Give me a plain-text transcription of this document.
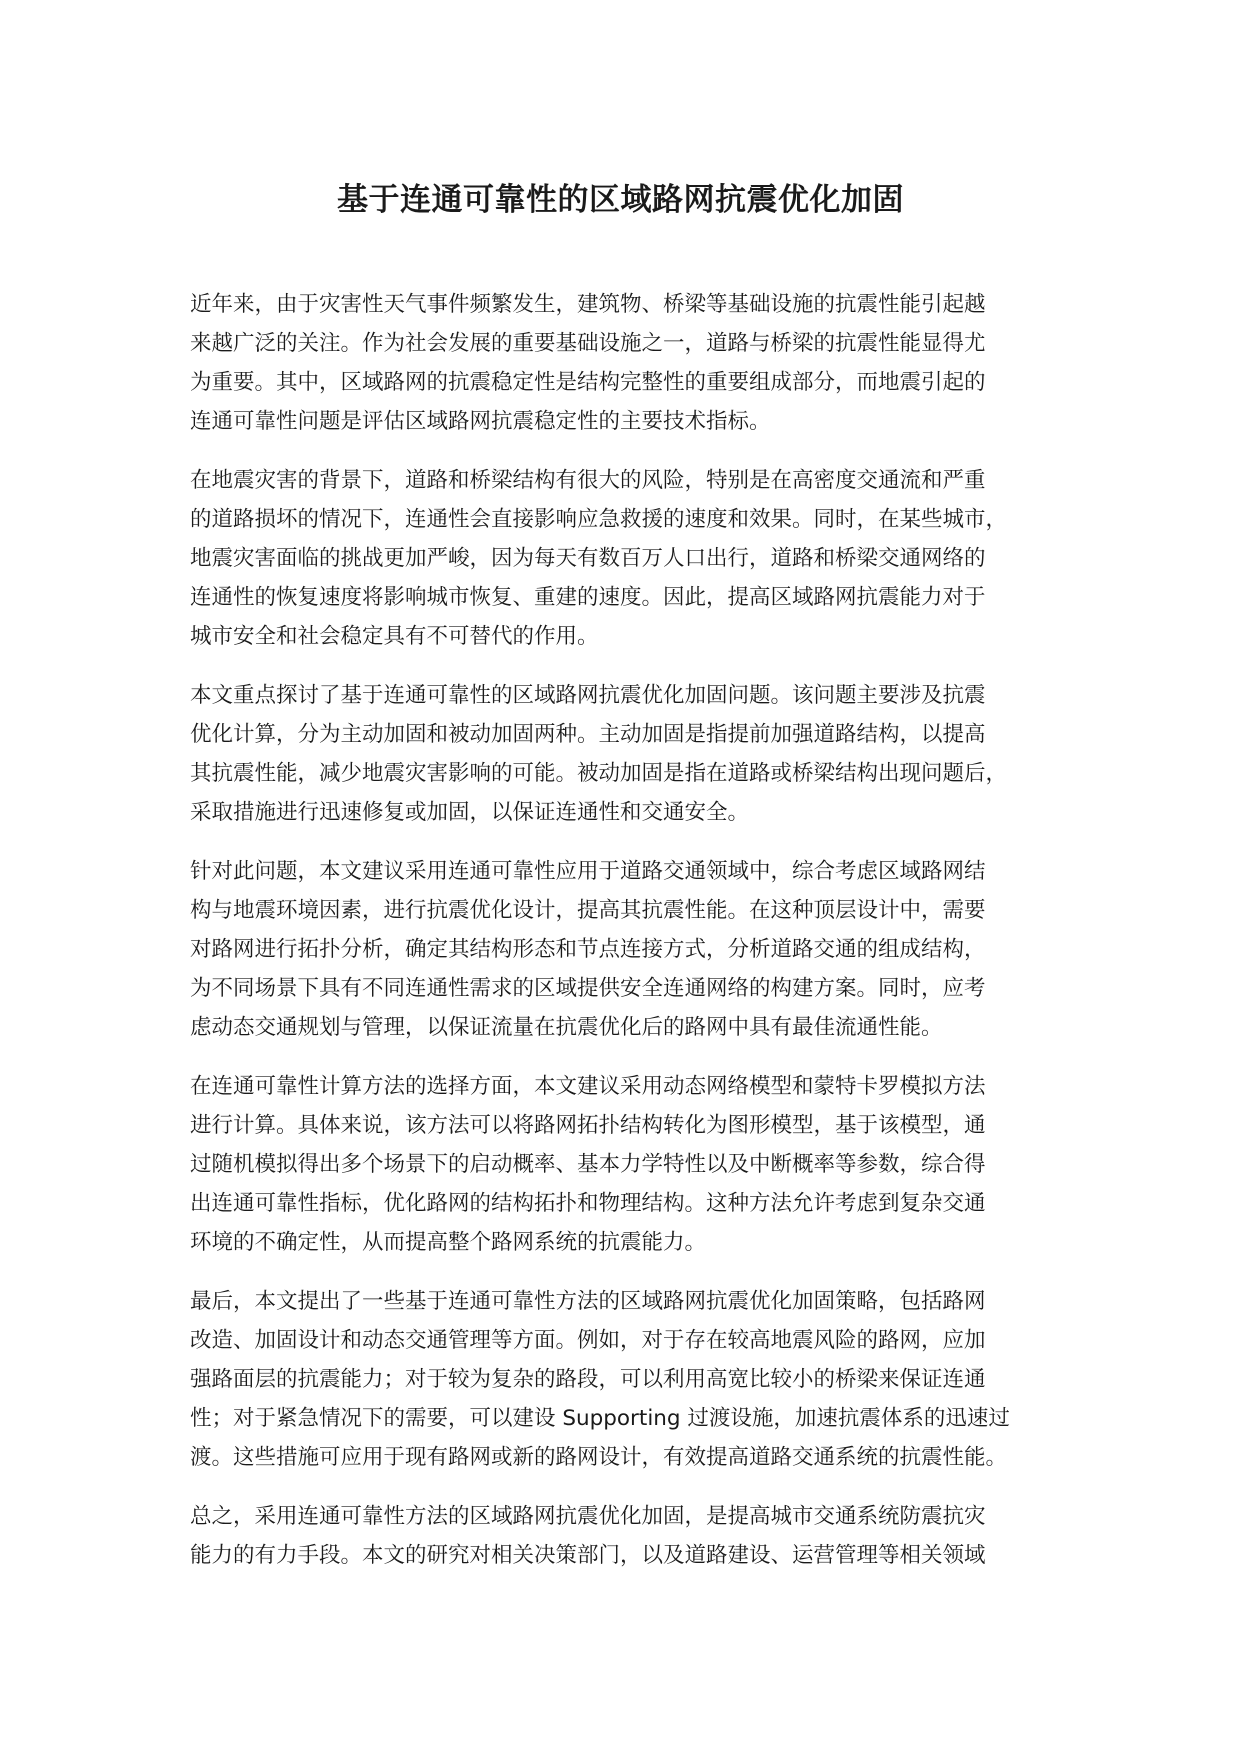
基于连通可靠性的区域路网抗震优化加固

近年来，由于灾害性天气事件频繁发生，建筑物、桥梁等基础设施的抗震性能引起越
来越广泛的关注。作为社会发展的重要基础设施之一，道路与桥梁的抗震性能显得尤
为重要。其中，区域路网的抗震稳定性是结构完整性的重要组成部分，而地震引起的
连通可靠性问题是评估区域路网抗震稳定性的主要技术指标。

在地震灾害的背景下，道路和桥梁结构有很大的风险，特别是在高密度交通流和严重
的道路损坏的情况下，连通性会直接影响应急救援的速度和效果。同时，在某些城市，
地震灾害面临的挑战更加严峻，因为每天有数百万人口出行，道路和桥梁交通网络的
连通性的恢复速度将影响城市恢复、重建的速度。因此，提高区域路网抗震能力对于
城市安全和社会稳定具有不可替代的作用。

本文重点探讨了基于连通可靠性的区域路网抗震优化加固问题。该问题主要涉及抗震
优化计算，分为主动加固和被动加固两种。主动加固是指提前加强道路结构，以提高
其抗震性能，减少地震灾害影响的可能。被动加固是指在道路或桥梁结构出现问题后，
采取措施进行迅速修复或加固，以保证连通性和交通安全。

针对此问题，本文建议采用连通可靠性应用于道路交通领域中，综合考虑区域路网结
构与地震环境因素，进行抗震优化设计，提高其抗震性能。在这种顶层设计中，需要
对路网进行拓扑分析，确定其结构形态和节点连接方式，分析道路交通的组成结构，
为不同场景下具有不同连通性需求的区域提供安全连通网络的构建方案。同时，应考
虑动态交通规划与管理，以保证流量在抗震优化后的路网中具有最佳流通性能。

在连通可靠性计算方法的选择方面，本文建议采用动态网络模型和蒙特卡罗模拟方法
进行计算。具体来说，该方法可以将路网拓扑结构转化为图形模型，基于该模型，通
过随机模拟得出多个场景下的启动概率、基本力学特性以及中断概率等参数，综合得
出连通可靠性指标，优化路网的结构拓扑和物理结构。这种方法允许考虑到复杂交通
环境的不确定性，从而提高整个路网系统的抗震能力。

最后，本文提出了一些基于连通可靠性方法的区域路网抗震优化加固策略，包括路网
改造、加固设计和动态交通管理等方面。例如，对于存在较高地震风险的路网，应加
强路面层的抗震能力；对于较为复杂的路段，可以利用高宽比较小的桥梁来保证连通
性；对于紧急情况下的需要，可以建设 Supporting 过渡设施，加速抗震体系的迅速过
渡。这些措施可应用于现有路网或新的路网设计，有效提高道路交通系统的抗震性能。

总之，采用连通可靠性方法的区域路网抗震优化加固，是提高城市交通系统防震抗灾
能力的有力手段。本文的研究对相关决策部门，以及道路建设、运营管理等相关领域
